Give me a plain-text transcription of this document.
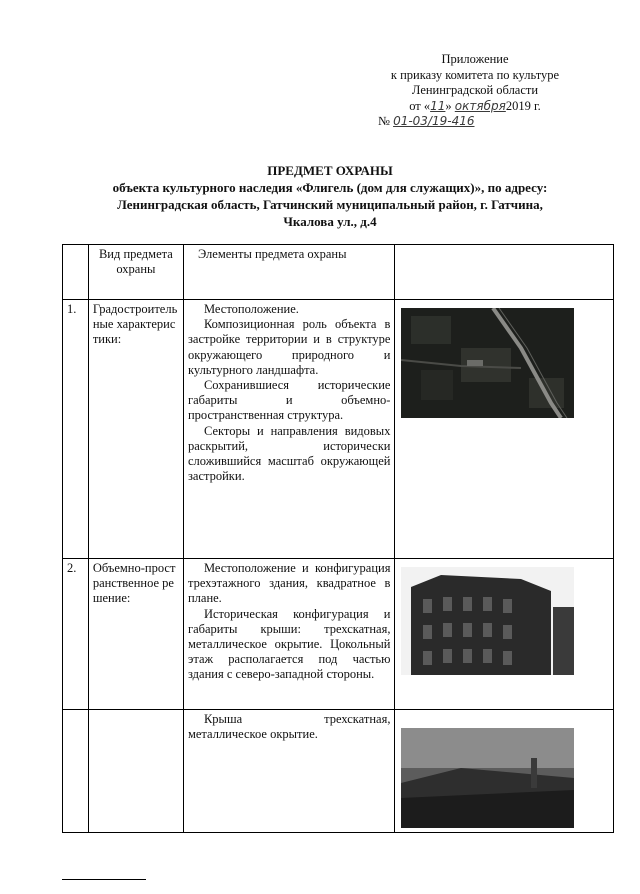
Приложение
к приказу комитета по культуре
Ленинградской области
от «11» октября2019 г.
№ 01-03/19-416
ПРЕДМЕТ ОХРАНЫ
объекта культурного наследия «Флигель (дом для служащих)», по адресу:
Ленинградская область, Гатчинский муниципальный район, г. Гатчина,
Чкалова ул., д.4
	Вид предмета охраны	Элементы предмета охраны	
1.	Градостроительные характеристики:	Местоположение.
Композиционная роль объекта в застройке территории и в структуре окружающего природного и культурного ландшафта.
Сохранившиеся исторические габариты и объемно-пространственная структура.
Секторы и направления видовых раскрытий, исторически сложившийся масштаб окружающей застройки.

2.	Объемно-пространственное решение:	Местоположение и конфигурация трехэтажного здания, квадратное в плане.
Историческая конфигурация и габариты крыши: трехскатная, металлическое окрытие. Цокольный этаж располагается под частью здания с северо-западной стороны.

		Крыша трехскатная, металлическое окрытие.
